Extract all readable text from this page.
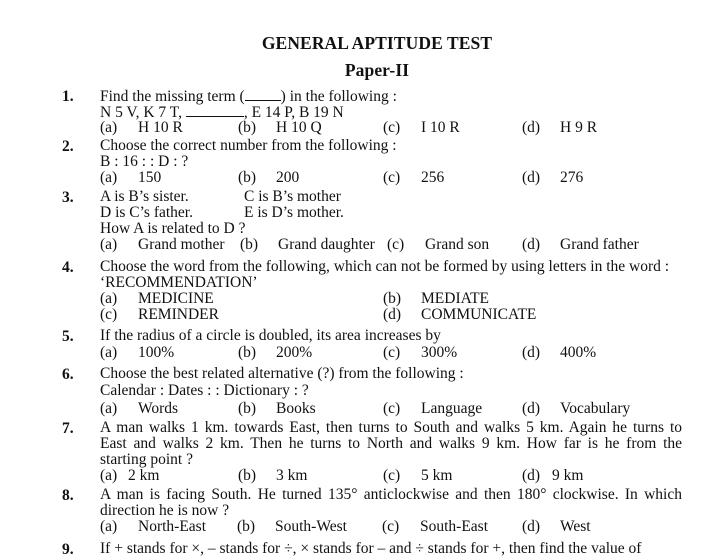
GENERAL APTITUDE TEST
Paper-II
1. Find the missing term ( ) in the following :
N 5 V, K 7 T,	, E 14 P, B 19 N
(a) H 10 R	(b) H 10 Q	(c) I 10 R	(d) H 9 R
2. Choose the correct number from the following :
B : 16 : : D : ?
(a) 150	(b) 200	(c) 256	(d) 276
3. A is B’s sister.	C is B’s mother
D is C’s father.	E is D’s mother.
How A is related to D ?
(a) Grand mother (b) Grand daughter (c) Grand son (d) Grand father
4. Choose the word from the following, which can not be formed by using letters in the word :
‘RECOMMENDATION’
(a) MEDICINE	(b) MEDIATE
(c) REMINDER	(d) COMMUNICATE
5. If the radius of a circle is doubled, its area increases by
(a) 100%	(b) 200%	(c) 300%	(d) 400%
6. Choose the best related alternative (?) from the following :
Calendar : Dates : : Dictionary : ?
(a) Words	(b) Books	(c) Language	(d) Vocabulary
7. A man walks 1 km. towards East, then turns to South and walks 5 km. Again he turns to
East and walks 2 km. Then he turns to North and walks 9 km. How far is he from the
starting point ?
(a) 2 km	(b) 3 km	(c) 5 km	(d) 9 km
8. A man is facing South. He turned 135° anticlockwise and then 180° clockwise. In which
direction he is now ?
(a) North-East (b) South-West (c) South-East (d) West
9. If + stands for ×, – stands for ÷, × stands for – and ÷ stands for +, then find the value of
